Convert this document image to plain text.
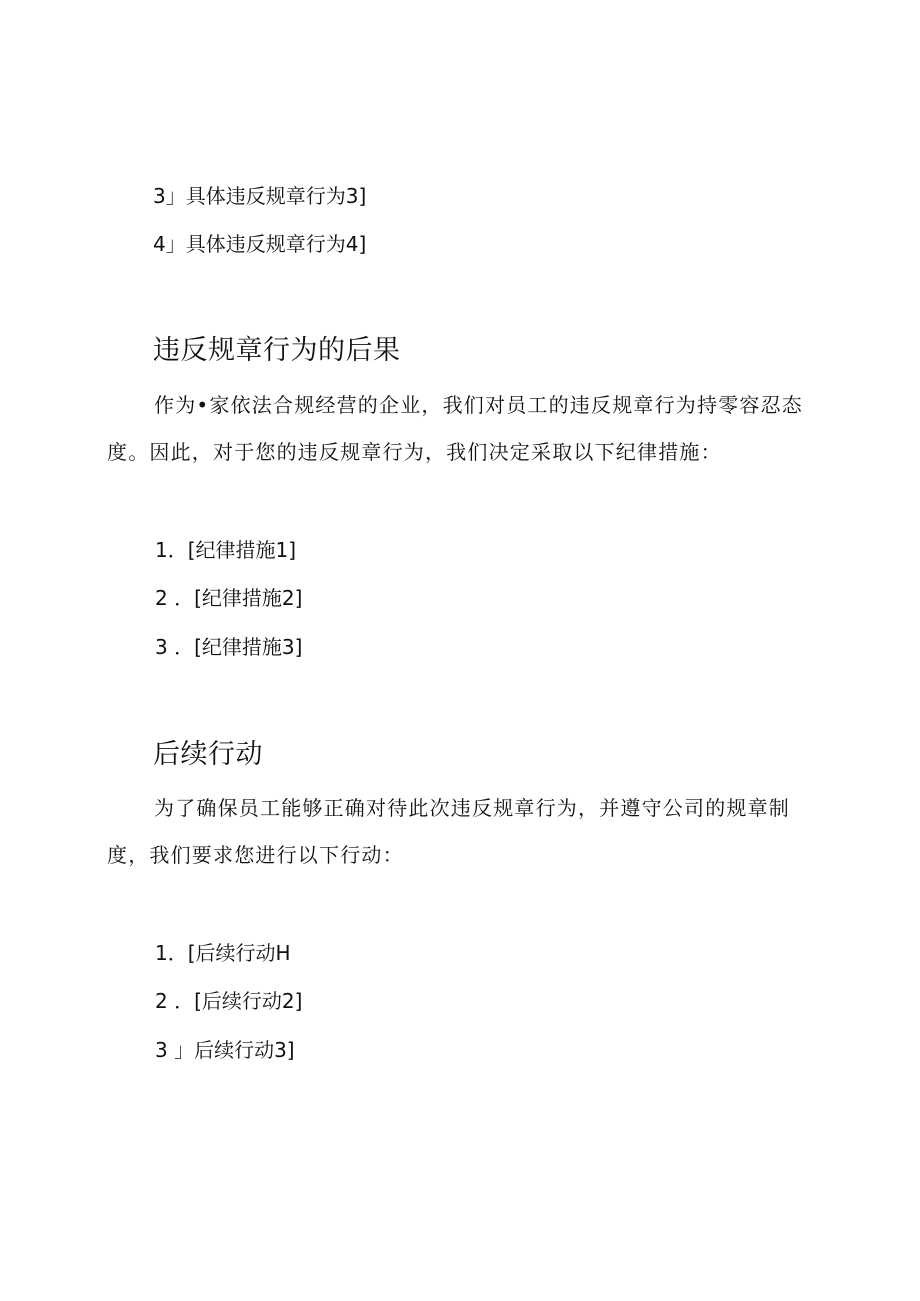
3」具体违反规章行为3]
4」具体违反规章行为4]
违反规章行为的后果
作为•家依法合规经营的企业，我们对员工的违反规章行为持零容忍态度。因此，对于您的违反规章行为，我们决定采取以下纪律措施：
1．[纪律措施1]
2 ．[纪律措施2]
3 ．[纪律措施3]
后续行动
为了确保员工能够正确对待此次违反规章行为，并遵守公司的规章制度，我们要求您进行以下行动：
1．[后续行动H
2 ．[后续行动2]
3 」后续行动3]
